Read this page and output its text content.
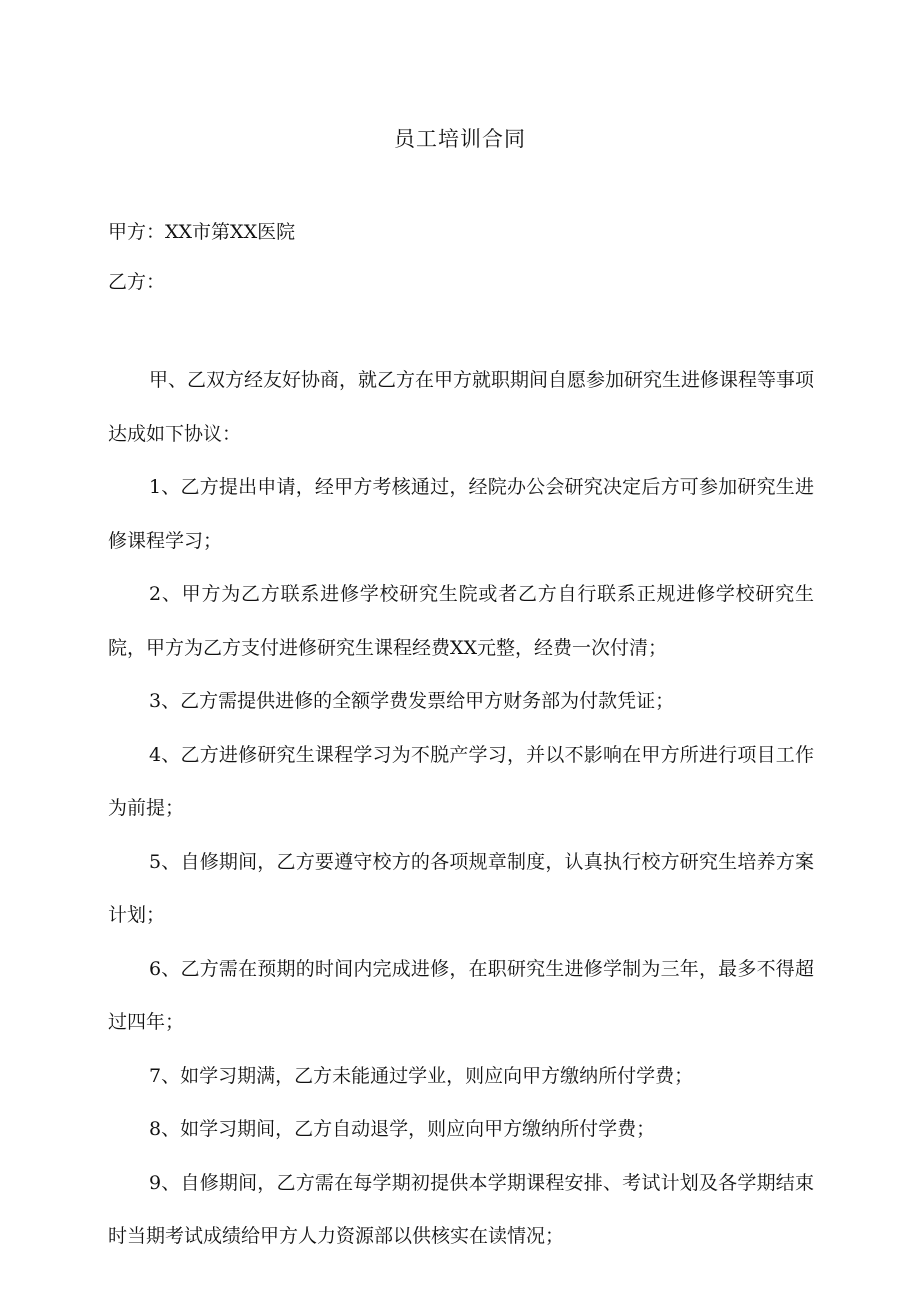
员工培训合同
甲方：XX市第XX医院
乙方：

甲、乙双方经友好协商，就乙方在甲方就职期间自愿参加研究生进修课程等事项达成如下协议：

1、乙方提出申请，经甲方考核通过，经院办公会研究决定后方可参加研究生进修课程学习；

2、甲方为乙方联系进修学校研究生院或者乙方自行联系正规进修学校研究生院，甲方为乙方支付进修研究生课程经费XX元整，经费一次付清；

3、乙方需提供进修的全额学费发票给甲方财务部为付款凭证；

4、乙方进修研究生课程学习为不脱产学习，并以不影响在甲方所进行项目工作为前提；

5、自修期间，乙方要遵守校方的各项规章制度，认真执行校方研究生培养方案计划；

6、乙方需在预期的时间内完成进修，在职研究生进修学制为三年，最多不得超过四年；

7、如学习期满，乙方未能通过学业，则应向甲方缴纳所付学费；

8、如学习期间，乙方自动退学，则应向甲方缴纳所付学费；

9、自修期间，乙方需在每学期初提供本学期课程安排、考试计划及各学期结束时当期考试成绩给甲方人力资源部以供核实在读情况；
